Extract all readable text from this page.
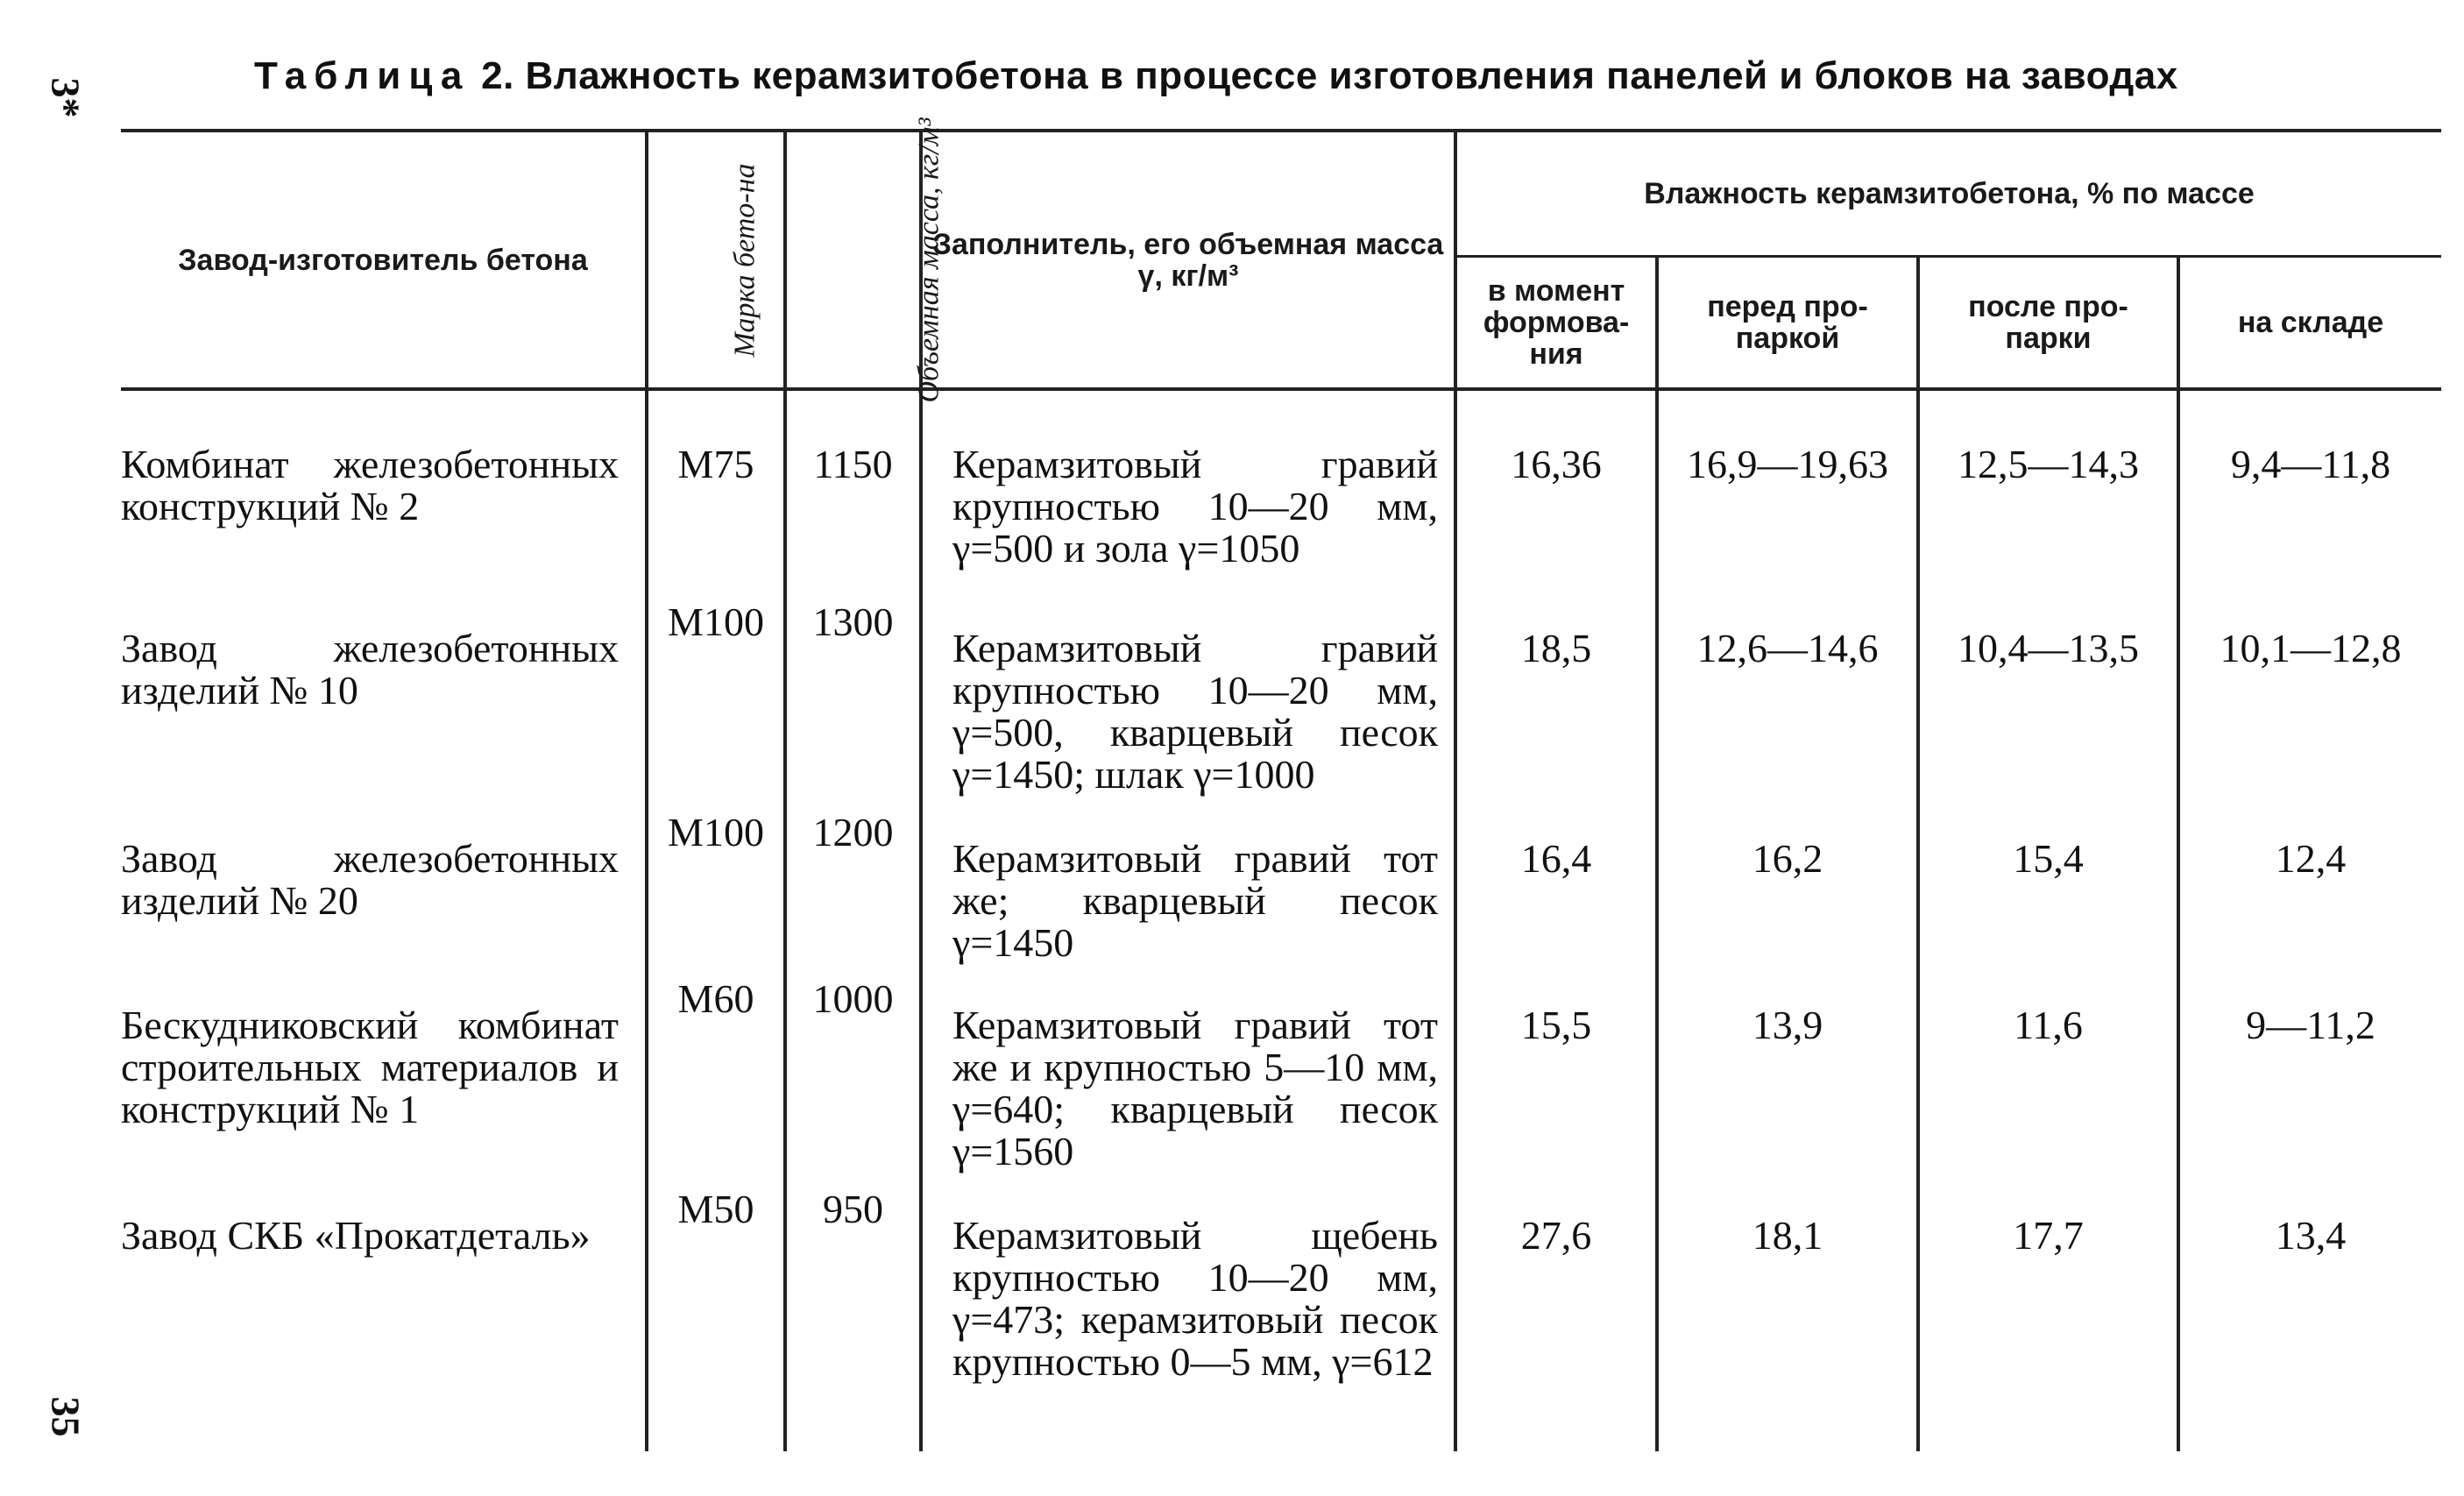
3*
35
Таблица 2. Влажность керамзитобетона в процессе изготовления панелей и блоков на заводах
Завод-изготовитель бетона	Марка бето-на	Объемная масса, кг/м³	Заполнитель, его объемная масса γ, кг/м³	Влажность керамзитобетона, % по массе			
				в момент формова-ния	перед про-паркой	после про-парки	на складе
Комбинат железобетонных конструкций № 2	М75	1150	Керамзитовый гравий крупностью 10—20 мм, γ=500 и зола γ=1050	16,36	16,9—19,63	12,5—14,3	9,4—11,8
Завод железобетонных изделий № 10	М100	1300	Керамзитовый гравий крупностью 10—20 мм, γ=500, кварцевый песок γ=1450; шлак γ=1000	18,5	12,6—14,6	10,4—13,5	10,1—12,8
Завод железобетонных изделий № 20	М100	1200	Керамзитовый гравий тот же; кварцевый песок γ=1450	16,4	16,2	15,4	12,4
Бескудниковский комбинат строительных материалов и конструкций № 1	М60	1000	Керамзитовый гравий тот же и крупностью 5—10 мм, γ=640; кварцевый песок γ=1560	15,5	13,9	11,6	9—11,2
Завод СКБ «Прокатдеталь»	М50	950	Керамзитовый щебень крупностью 10—20 мм, γ=473; керамзитовый песок крупностью 0—5 мм, γ=612	27,6	18,1	17,7	13,4
